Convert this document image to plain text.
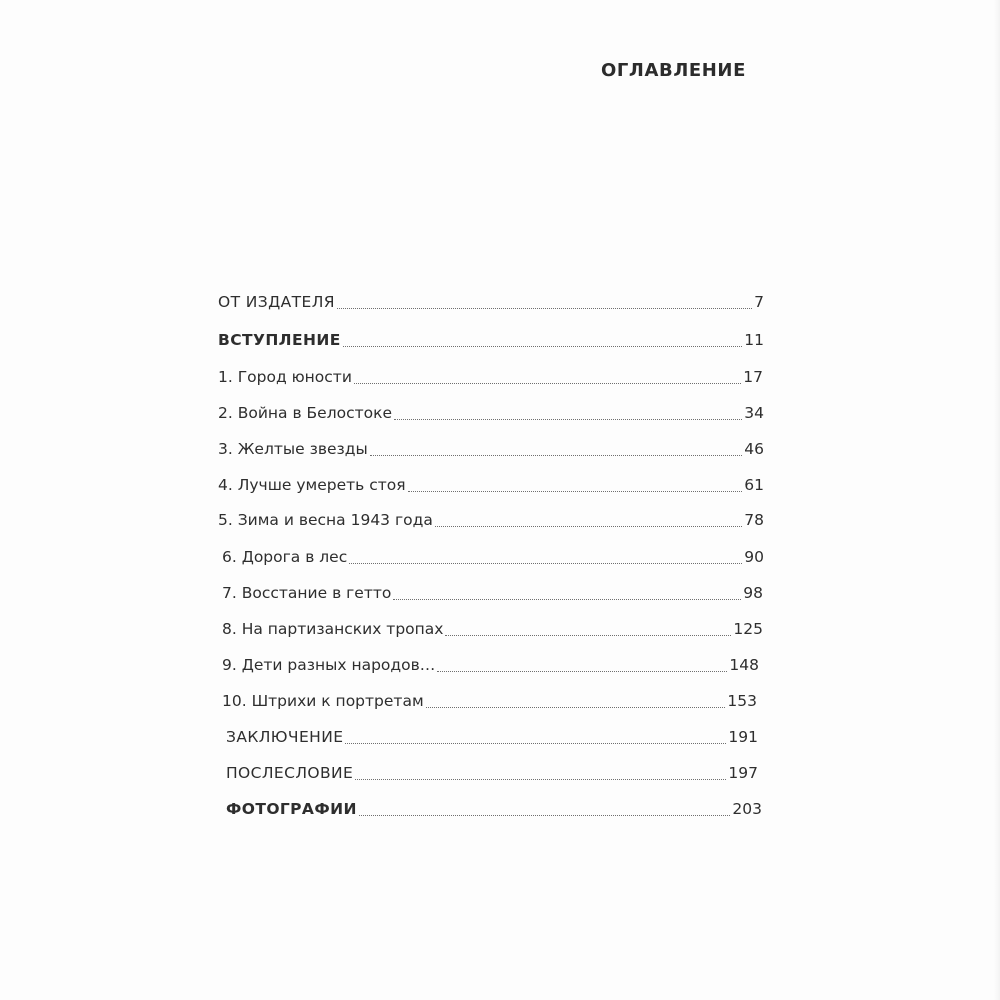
ОГЛАВЛЕНИЕ
ОТ ИЗДАТЕЛЯ	7
ВСТУПЛЕНИЕ	11
1. Город юности	17
2. Война в Белостоке	34
3. Желтые звезды	46
4. Лучше умереть стоя	61
5. Зима и весна 1943 года	78
6. Дорога в лес	90
7. Восстание в гетто	98
8. На партизанских тропах	125
9. Дети разных народов…	148
10. Штрихи к портретам	153
ЗАКЛЮЧЕНИЕ	191
ПОСЛЕСЛОВИЕ	197
ФОТОГРАФИИ	203
